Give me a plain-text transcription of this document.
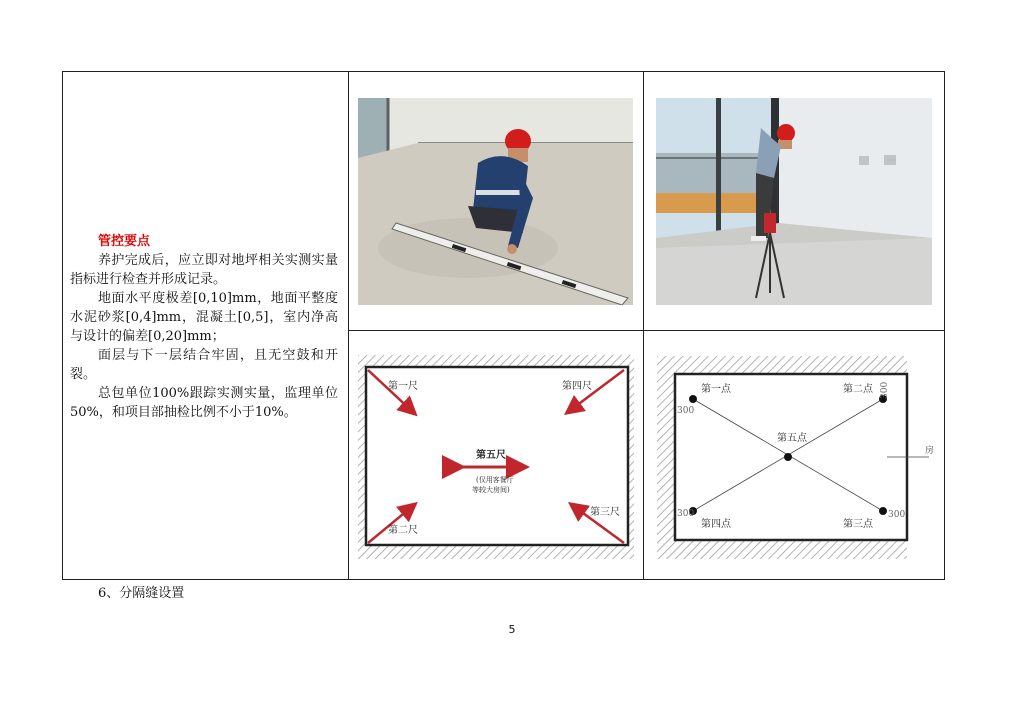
管控要点

养护完成后，应立即对地坪相关实测实量指标进行检查并形成记录。

地面水平度极差[0,10]mm，地面平整度水泥砂浆[0,4]mm，混凝土[0,5]，室内净高与设计的偏差[0,20]mm；

面层与下一层结合牢固，且无空鼓和开裂。

总包单位100%跟踪实测实量，监理单位50%，和项目部抽检比例不小于10%。

第一尺
第二尺
第三尺
第四尺
第五尺
(仅用客餐厅
等较大房间)
第一点	第二点
第三点
第四点
第五点
300
300
300	300
房
6、分隔缝设置
5
